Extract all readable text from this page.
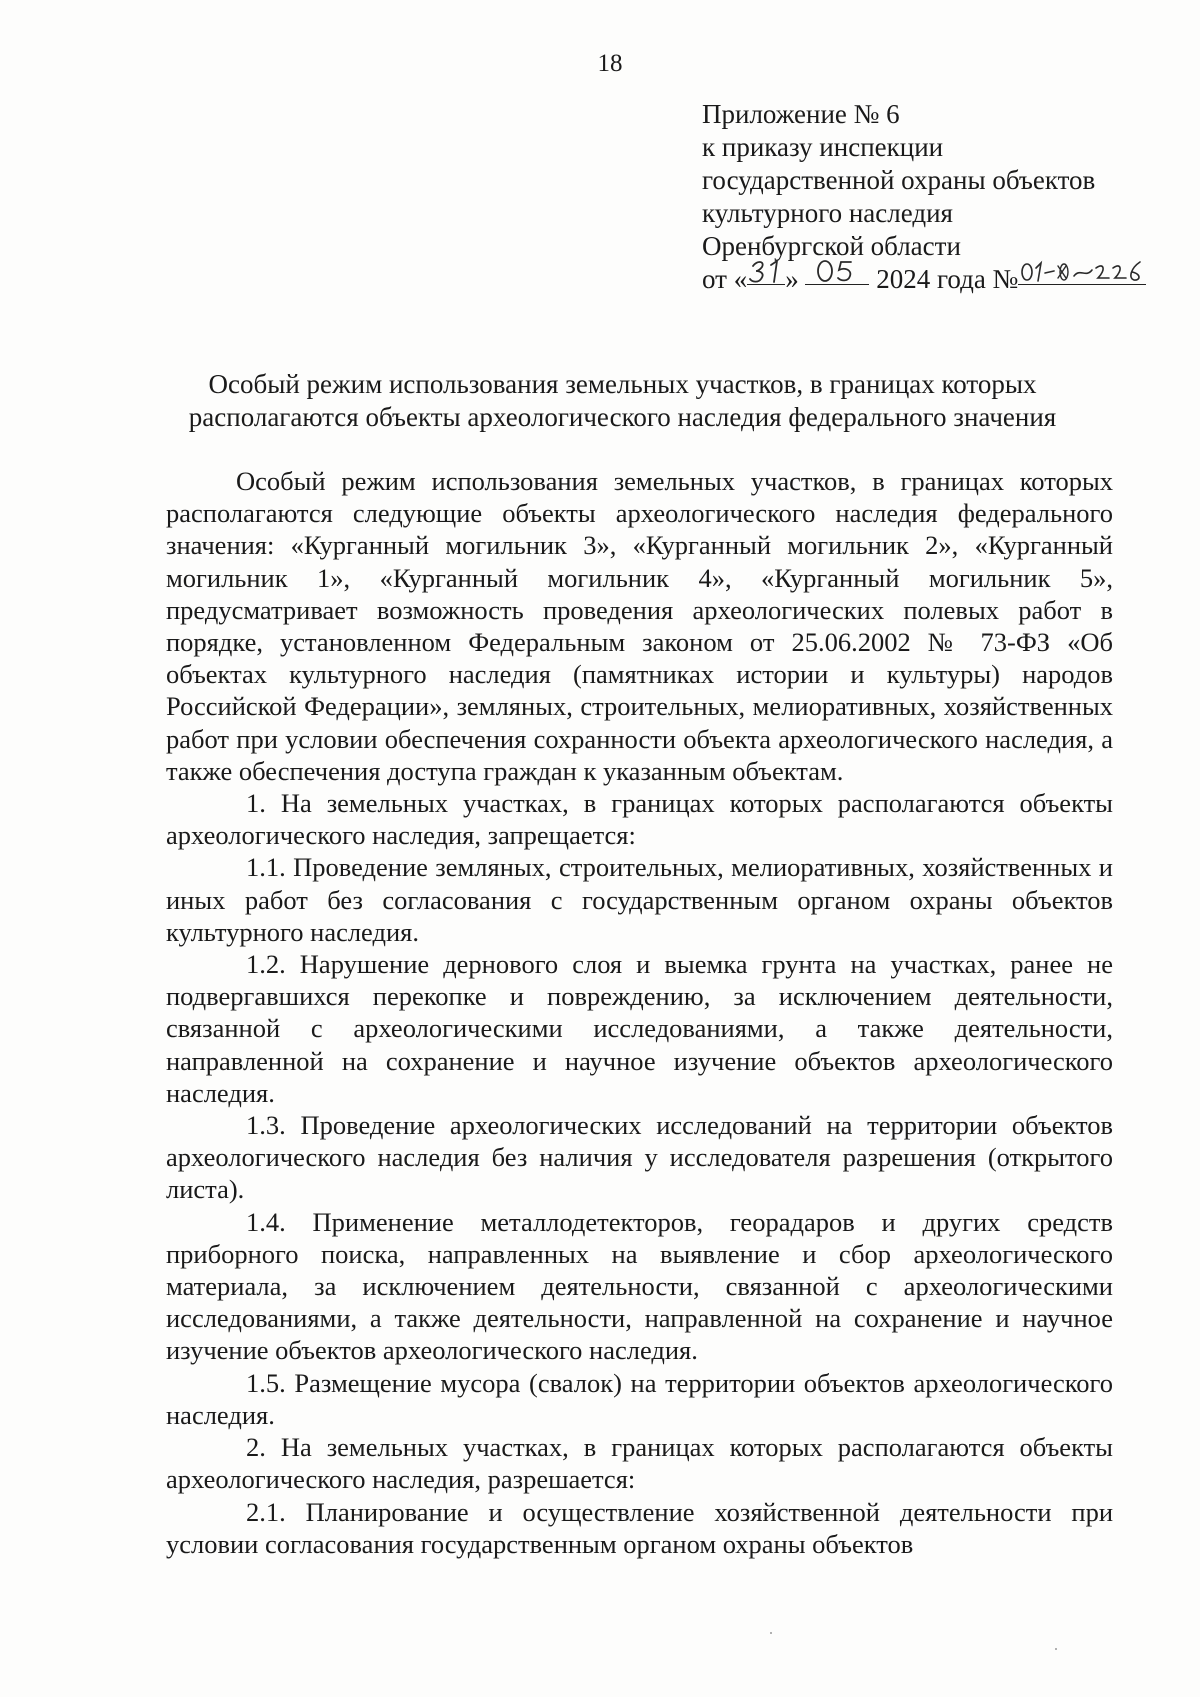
18
Приложение № 6
к приказу инспекции
государственной охраны объектов
культурного наследия
Оренбургской области
от « »	2024 года №
Особый режим использования земельных участков, в границах которых располагаются объекты археологического наследия федерального значения

Особый режим использования земельных участков, в границах которых располагаются следующие объекты археологического наследия федерального значения: «Курганный могильник 3», «Курганный могильник 2», «Курганный могильник 1», «Курганный могильник 4», «Курганный могильник 5», предусматривает возможность проведения археологических полевых работ в порядке, установленном Федеральным законом от 25.06.2002 № 73-ФЗ «Об объектах культурного наследия (памятниках истории и культуры) народов Российской Федерации», земляных, строительных, мелиоративных, хозяйственных работ при условии обеспечения сохранности объекта археологического наследия, а также обеспечения доступа граждан к указанным объектам.

1. На земельных участках, в границах которых располагаются объекты археологического наследия, запрещается:

1.1. Проведение земляных, строительных, мелиоративных, хозяйственных и иных работ без согласования с государственным органом охраны объектов культурного наследия.

1.2. Нарушение дернового слоя и выемка грунта на участках, ранее не подвергавшихся перекопке и повреждению, за исключением деятельности, связанной с археологическими исследованиями, а также деятельности, направленной на сохранение и научное изучение объектов археологического наследия.

1.3. Проведение археологических исследований на территории объектов археологического наследия без наличия у исследователя разрешения (открытого листа).

1.4. Применение металлодетекторов, георадаров и других средств приборного поиска, направленных на выявление и сбор археологического материала, за исключением деятельности, связанной с археологическими исследованиями, а также деятельности, направленной на сохранение и научное изучение объектов археологического наследия.

1.5. Размещение мусора (свалок) на территории объектов археологического наследия.

2. На земельных участках, в границах которых располагаются объекты археологического наследия, разрешается:

2.1. Планирование и осуществление хозяйственной деятельности при условии согласования государственным органом охраны объектов
